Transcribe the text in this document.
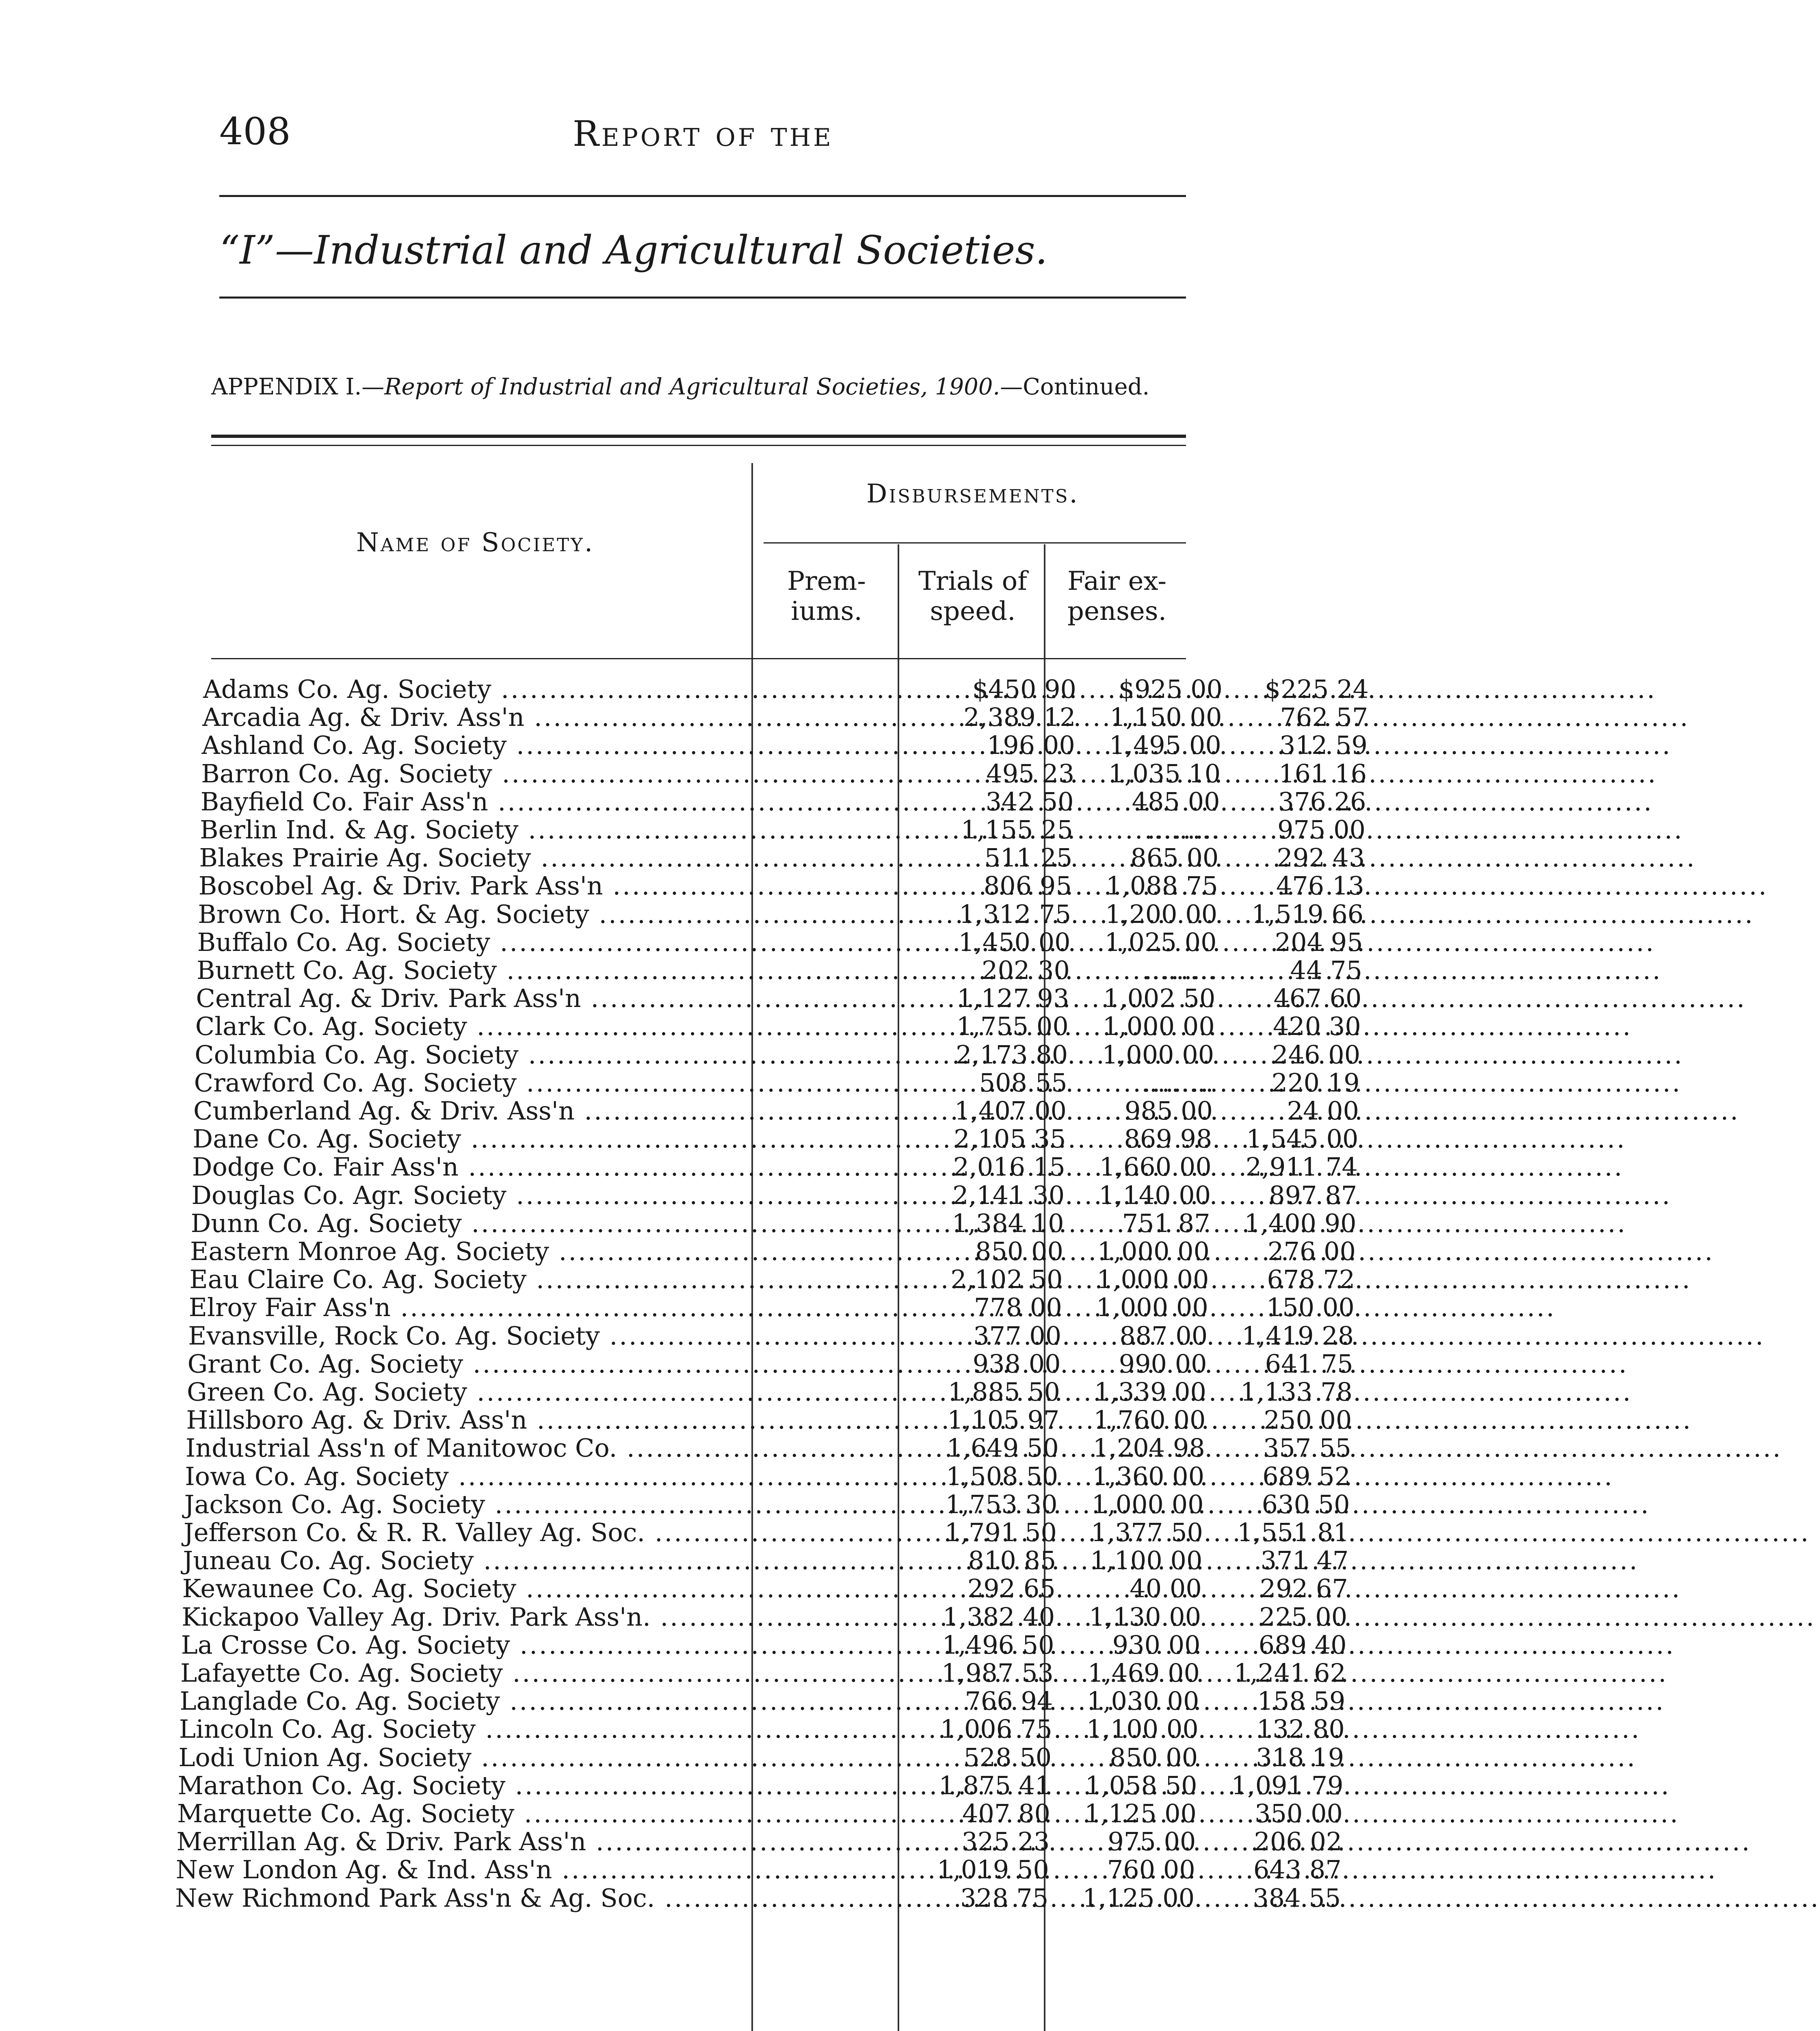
408	Report of the
“I”—Industrial and Agricultural Societies.
APPENDIX I.—Report of Industrial and Agricultural Societies, 1900.—Continued.
Name of Society.
Disbursements.
Prem-
iums.
Trials of
speed.
Fair ex-
penses.
Adams Co. Ag. Society .....	$450 90	$925 00	$225 24
Arcadia Ag. & Driv. Ass'n .....	2,389 12	1,150 00	762 57
Ashland Co. Ag. Society .....	196 00	1,495 00	312 59
Barron Co. Ag. Society .....	495 23	1,035 10	161 16
Bayfield Co. Fair Ass'n .....	342 50	485 00	376 26
Berlin Ind. & Ag. Society .....	1,155 25	.........	975 00
Blakes Prairie Ag. Society .....	511 25	865 00	292 43
Boscobel Ag. & Driv. Park Ass'n .....	806 95	1,088 75	476 13
Brown Co. Hort. & Ag. Society .....	1,312 75	1,200 00	1,519 66
Buffalo Co. Ag. Society .....	1,450 00	1,025 00	204 95
Burnett Co. Ag. Society .....	202 30	.........	44 75
Central Ag. & Driv. Park Ass'n .....	1,127 93	1,002 50	467 60
Clark Co. Ag. Society .....	1,755 00	1,000 00	420 30
Columbia Co. Ag. Society .....	2,173 80	1,000 00	246 00
Crawford Co. Ag. Society .....	508 55	.........	220 19
Cumberland Ag. & Driv. Ass'n .....	1,407 00	985 00	24 00
Dane Co. Ag. Society .....	2,105 35	869 98	1,545 00
Dodge Co. Fair Ass'n .....	2,016 15	1,660 00	2,911 74
Douglas Co. Agr. Society .....	2,141 30	1,140 00	897 87
Dunn Co. Ag. Society .....	1,384 10	751 87	1,400 90
Eastern Monroe Ag. Society .....	850 00	1,000 00	276 00
Eau Claire Co. Ag. Society .....	2,102 50	1,000 00	678 72
Elroy Fair Ass'n .....	778 00	1,000 00	150 00
Evansville, Rock Co. Ag. Society .....	377 00	887 00	1,419 28
Grant Co. Ag. Society .....	938 00	990 00	641 75
Green Co. Ag. Society .....	1,885 50	1,339 00	1,133 78
Hillsboro Ag. & Driv. Ass'n .....	1,105 97	1,760 00	250 00
Industrial Ass'n of Manitowoc Co. .....	1,649 50	1,204 98	357 55
Iowa Co. Ag. Society .....	1,508 50	1,360 00	689 52
Jackson Co. Ag. Society .....	1,753 30	1,000 00	630 50
Jefferson Co. & R. R. Valley Ag. Soc. .....	1,791 50	1,377 50	1,551 81
Juneau Co. Ag. Society .....	810 85	1,100 00	371 47
Kewaunee Co. Ag. Society .....	292 65	40 00	292 67
Kickapoo Valley Ag. Driv. Park Ass'n. .....	1,382 40	1,130 00	225 00
La Crosse Co. Ag. Society .....	1,496 50	930 00	689 40
Lafayette Co. Ag. Society .....	1,987 53	1,469 00	1,241 62
Langlade Co. Ag. Society .....	766 94	1,030 00	158 59
Lincoln Co. Ag. Society .....	1,006 75	1,100 00	132 80
Lodi Union Ag. Society .....	528 50	850 00	318 19
Marathon Co. Ag. Society .....	1,875 41	1,058 50	1,091 79
Marquette Co. Ag. Society .....	407 80	1,125 00	350 00
Merrillan Ag. & Driv. Park Ass'n .....	325 23	975 00	206 02
New London Ag. & Ind. Ass'n .....	1,019 50	760 00	643 87
New Richmond Park Ass'n & Ag. Soc. .....	328 75	1,125 00	384 55
